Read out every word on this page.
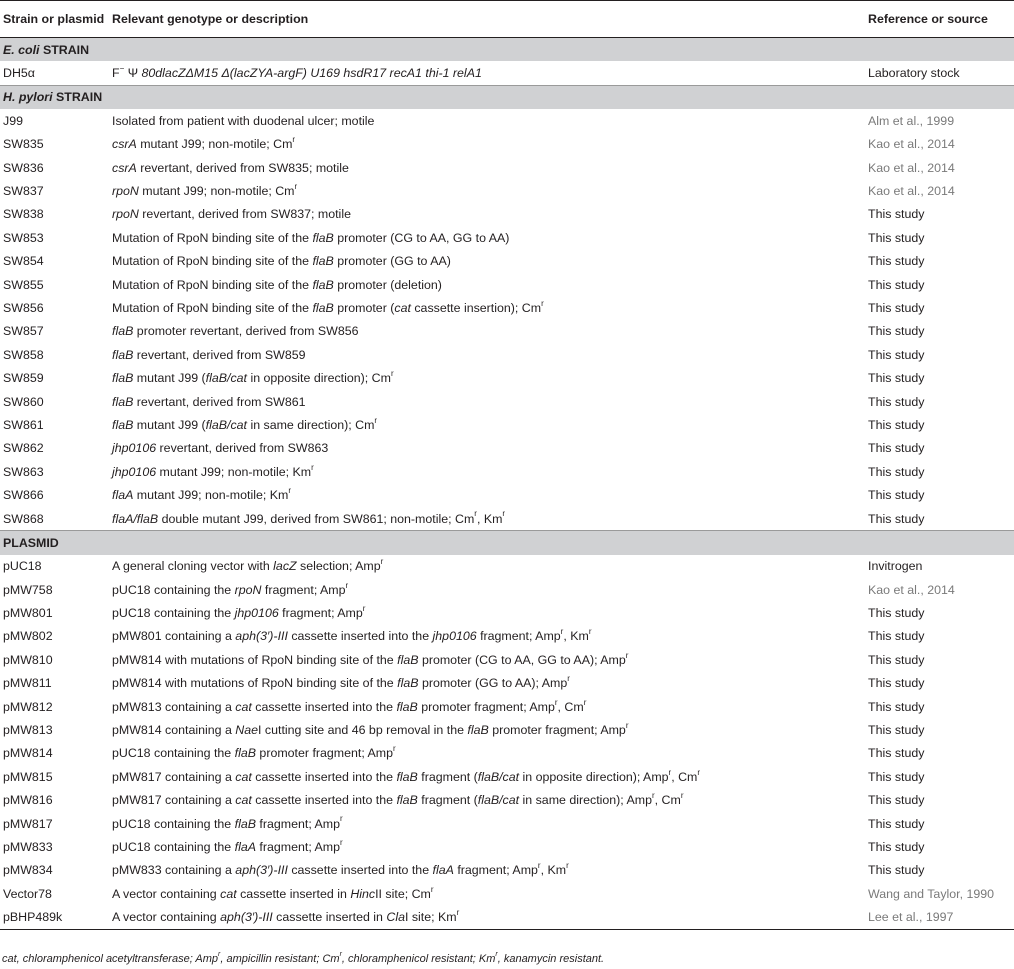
Strain or plasmid	Relevant genotype or description	Reference or source
E. coli STRAIN		
DH5α	F− Ψ 80dlacZΔM15 Δ(lacZYA-argF) U169 hsdR17 recA1 thi-1 relA1	Laboratory stock
H. pylori STRAIN		
J99	Isolated from patient with duodenal ulcer; motile	Alm et al., 1999
SW835	csrA mutant J99; non-motile; Cm$^r$	Kao et al., 2014
SW836	csrA revertant, derived from SW835; motile	Kao et al., 2014
SW837	rpoN mutant J99; non-motile; Cm$^r$	Kao et al., 2014
SW838	rpoN revertant, derived from SW837; motile	This study
SW853	Mutation of RpoN binding site of the flaB promoter (CG to AA, GG to AA)	This study
SW854	Mutation of RpoN binding site of the flaB promoter (GG to AA)	This study
SW855	Mutation of RpoN binding site of the flaB promoter (deletion)	This study
SW856	Mutation of RpoN binding site of the flaB promoter (cat cassette insertion); Cm$^r$	This study
SW857	flaB promoter revertant, derived from SW856	This study
SW858	flaB revertant, derived from SW859	This study
SW859	flaB mutant J99 (flaB/cat in opposite direction); Cm$^r$	This study
SW860	flaB revertant, derived from SW861	This study
SW861	flaB mutant J99 (flaB/cat in same direction); Cm$^r$	This study
SW862	jhp0106 revertant, derived from SW863	This study
SW863	jhp0106 mutant J99; non-motile; Km$^r$	This study
SW866	flaA mutant J99; non-motile; Km$^r$	This study
SW868	flaA/flaB double mutant J99, derived from SW861; non-motile; Cm$^r$, Km$^r$	This study
PLASMID		
pUC18	A general cloning vector with lacZ selection; Amp$^r$	Invitrogen
pMW758	pUC18 containing the rpoN fragment; Amp$^r$	Kao et al., 2014
pMW801	pUC18 containing the jhp0106 fragment; Amp$^r$	This study
pMW802	pMW801 containing a aph(3′)-III cassette inserted into the jhp0106 fragment; Amp$^r$, Km$^r$	This study
pMW810	pMW814 with mutations of RpoN binding site of the flaB promoter (CG to AA, GG to AA); Amp$^r$	This study
pMW811	pMW814 with mutations of RpoN binding site of the flaB promoter (GG to AA); Amp$^r$	This study
pMW812	pMW813 containing a cat cassette inserted into the flaB promoter fragment; Amp$^r$, Cm$^r$	This study
pMW813	pMW814 containing a NaeI cutting site and 46 bp removal in the flaB promoter fragment; Amp$^r$	This study
pMW814	pUC18 containing the flaB promoter fragment; Amp$^r$	This study
pMW815	pMW817 containing a cat cassette inserted into the flaB fragment (flaB/cat in opposite direction); Amp$^r$, Cm$^r$	This study
pMW816	pMW817 containing a cat cassette inserted into the flaB fragment (flaB/cat in same direction); Amp$^r$, Cm$^r$	This study
pMW817	pUC18 containing the flaB fragment; Amp$^r$	This study
pMW833	pUC18 containing the flaA fragment; Amp$^r$	This study
pMW834	pMW833 containing a aph(3′)-III cassette inserted into the flaA fragment; Amp$^r$, Km$^r$	This study
Vector78	A vector containing cat cassette inserted in HincII site; Cm$^r$	Wang and Taylor, 1990
pBHP489k	A vector containing aph(3′)-III cassette inserted in ClaI site; Km$^r$	Lee et al., 1997
cat, chloramphenicol acetyltransferase; Amp$^r$, ampicillin resistant; Cm$^r$, chloramphenicol resistant; Km$^r$, kanamycin resistant.
